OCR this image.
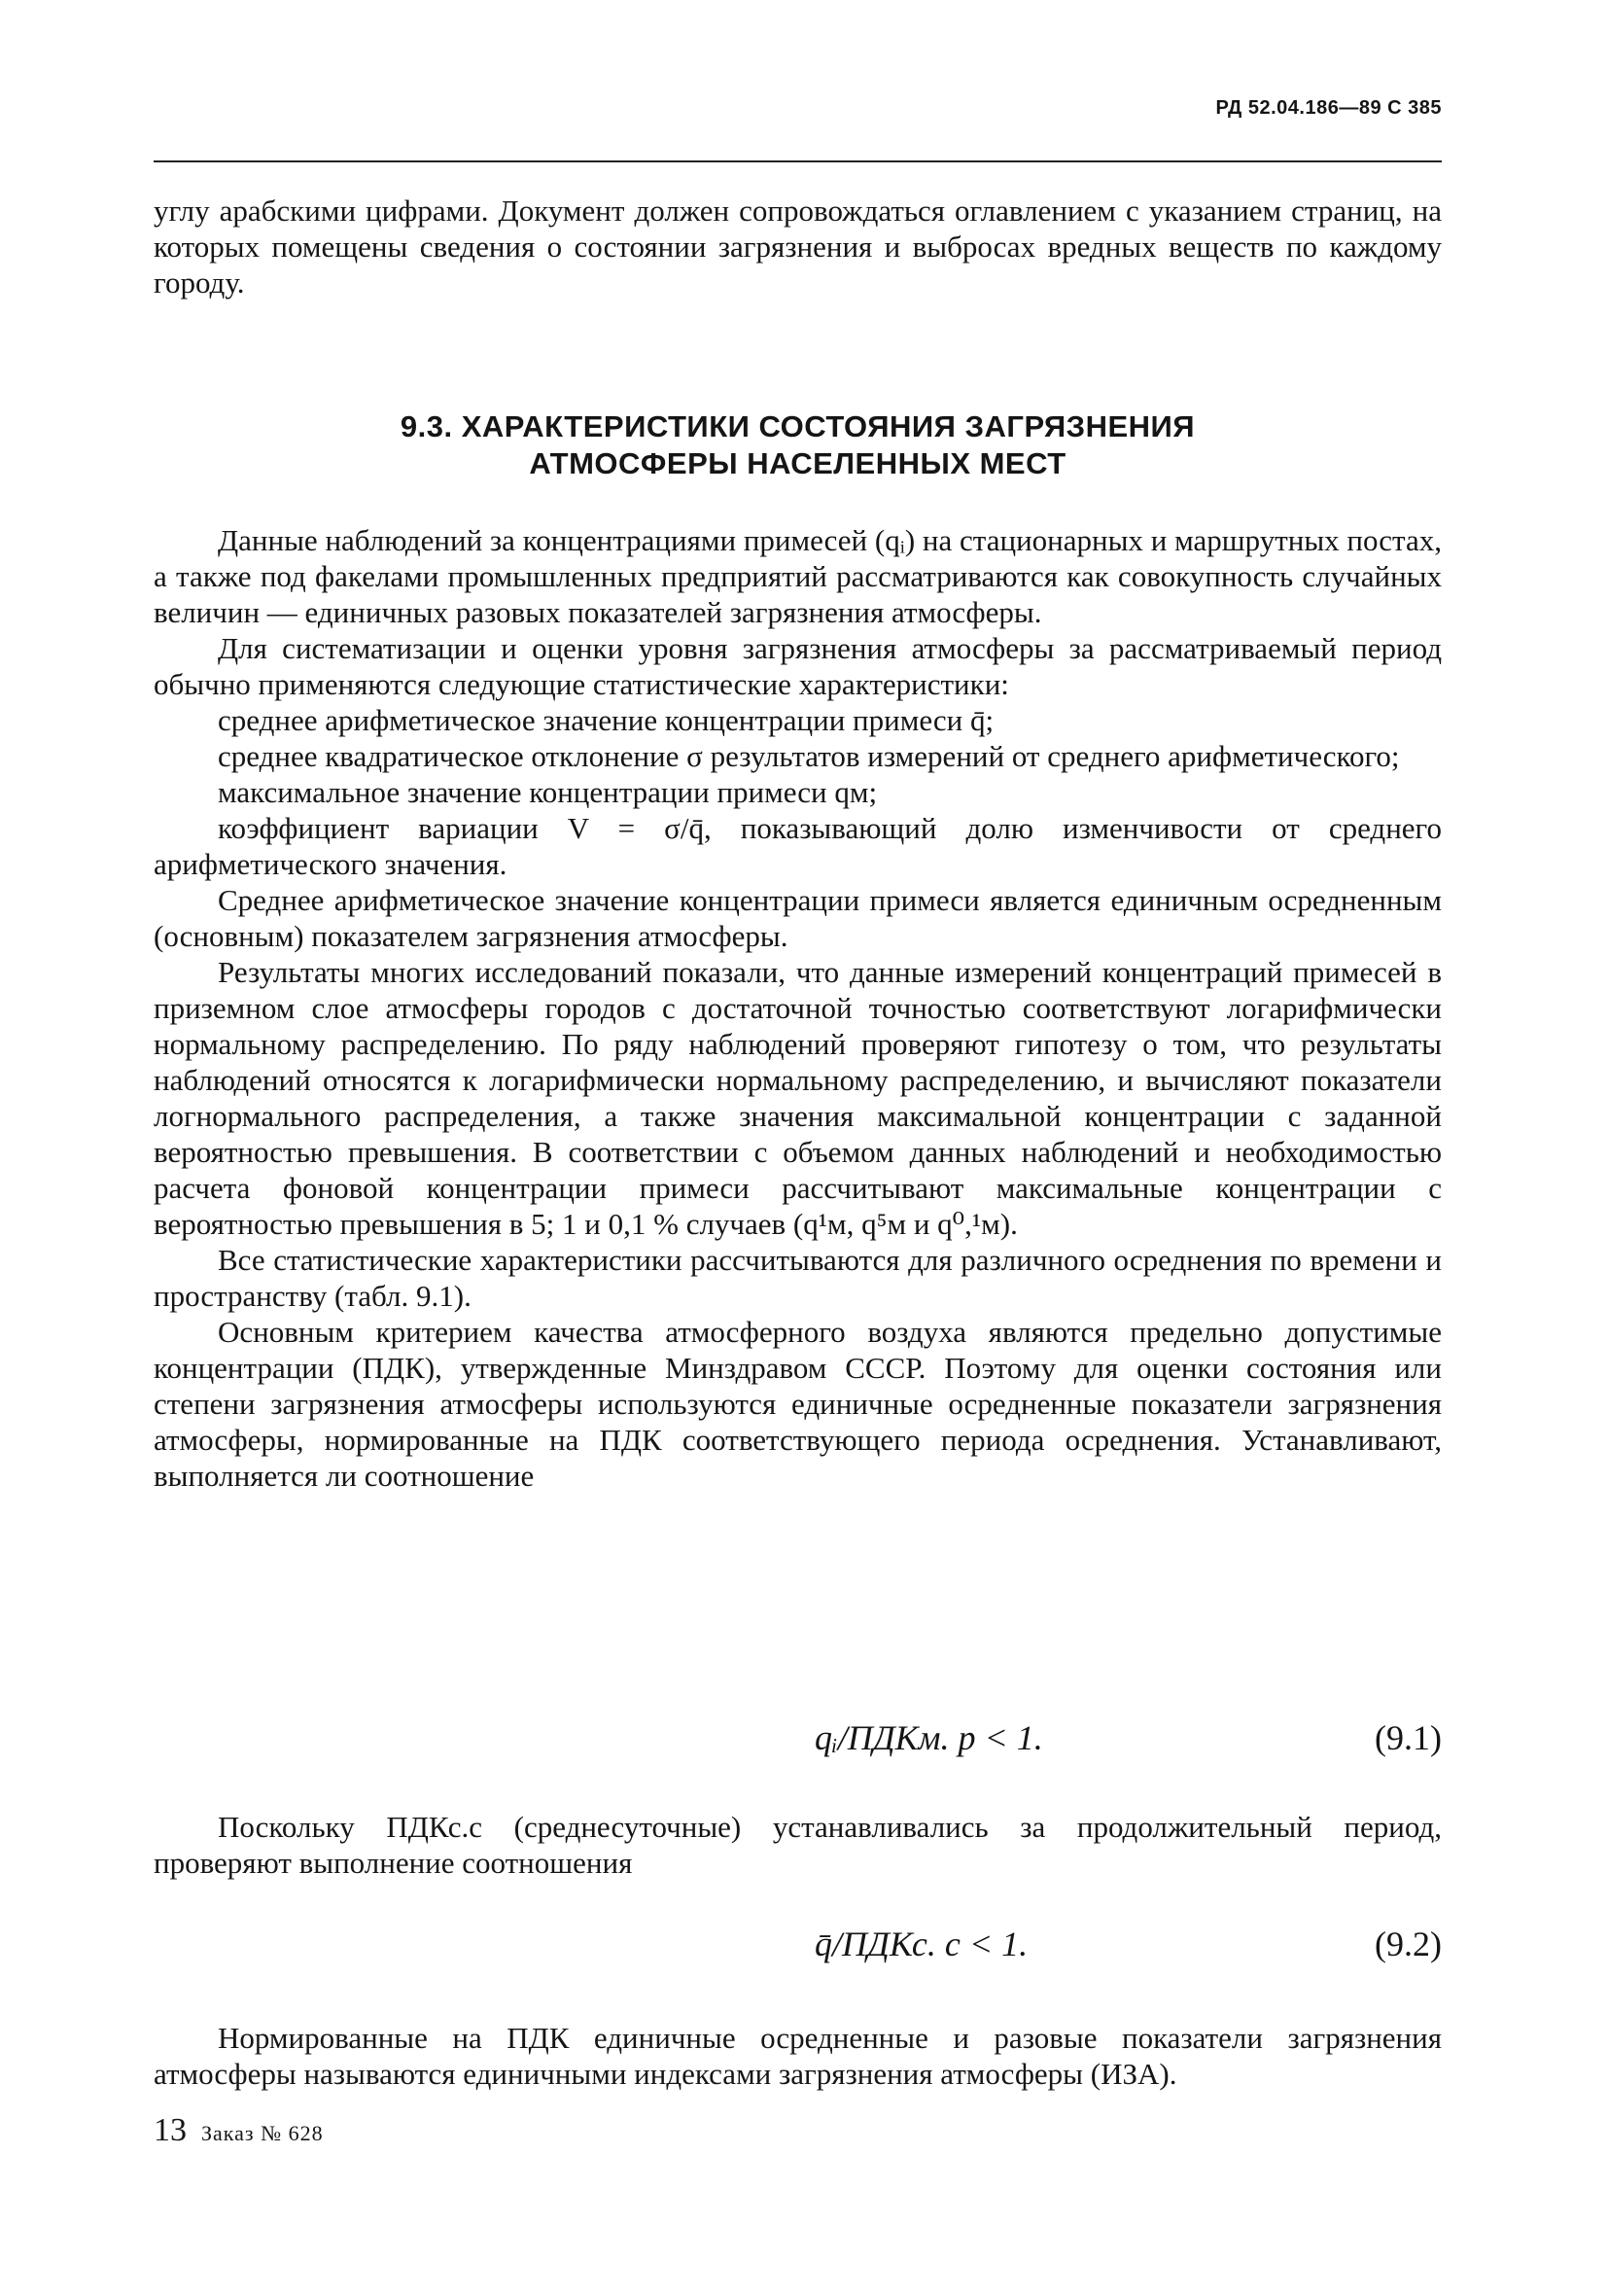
РД 52.04.186—89 С 385

углу арабскими цифрами. Документ должен сопровождаться оглавлением с указанием страниц, на которых помещены сведения о состоянии загрязнения и выбросах вредных веществ по каждому городу.

9.3. ХАРАКТЕРИСТИКИ СОСТОЯНИЯ ЗАГРЯЗНЕНИЯ
АТМОСФЕРЫ НАСЕЛЕННЫХ МЕСТ

Данные наблюдений за концентрациями примесей (qᵢ) на стационарных и маршрутных постах, а также под факелами промышленных предприятий рассматриваются как совокупность случайных величин — единичных разовых показателей загрязнения атмосферы.

Для систематизации и оценки уровня загрязнения атмосферы за рассматриваемый период обычно применяются следующие статистические характеристики:

среднее арифметическое значение концентрации примеси q̄;

среднее квадратическое отклонение σ результатов измерений от среднего арифметического;

максимальное значение концентрации примеси qм;

коэффициент вариации V = σ/q̄, показывающий долю изменчивости от среднего арифметического значения.

Среднее арифметическое значение концентрации примеси является единичным осредненным (основным) показателем загрязнения атмосферы.

Результаты многих исследований показали, что данные измерений концентраций примесей в приземном слое атмосферы городов с достаточной точностью соответствуют логарифмически нормальному распределению. По ряду наблюдений проверяют гипотезу о том, что результаты наблюдений относятся к логарифмически нормальному распределению, и вычисляют показатели логнормального распределения, а также значения максимальной концентрации с заданной вероятностью превышения. В соответствии с объемом данных наблюдений и необходимостью расчета фоновой концентрации примеси рассчитывают максимальные концентрации с вероятностью превышения в 5; 1 и 0,1 % случаев (q¹м, q⁵м и q⁰,¹м).

Все статистические характеристики рассчитываются для различного осреднения по времени и пространству (табл. 9.1).

Основным критерием качества атмосферного воздуха являются предельно допустимые концентрации (ПДК), утвержденные Минздравом СССР. Поэтому для оценки состояния или степени загрязнения атмосферы используются единичные осредненные показатели загрязнения атмосферы, нормированные на ПДК соответствующего периода осреднения. Устанавливают, выполняется ли соотношение

qᵢ/ПДКм. р < 1.	(9.1)

Поскольку ПДКс.с (среднесуточные) устанавливались за продолжительный период, проверяют выполнение соотношения

q̄/ПДКс. с < 1.	(9.2)

Нормированные на ПДК единичные осредненные и разовые показатели загрязнения атмосферы называются единичными индексами загрязнения атмосферы (ИЗА).

13 Заказ № 628
